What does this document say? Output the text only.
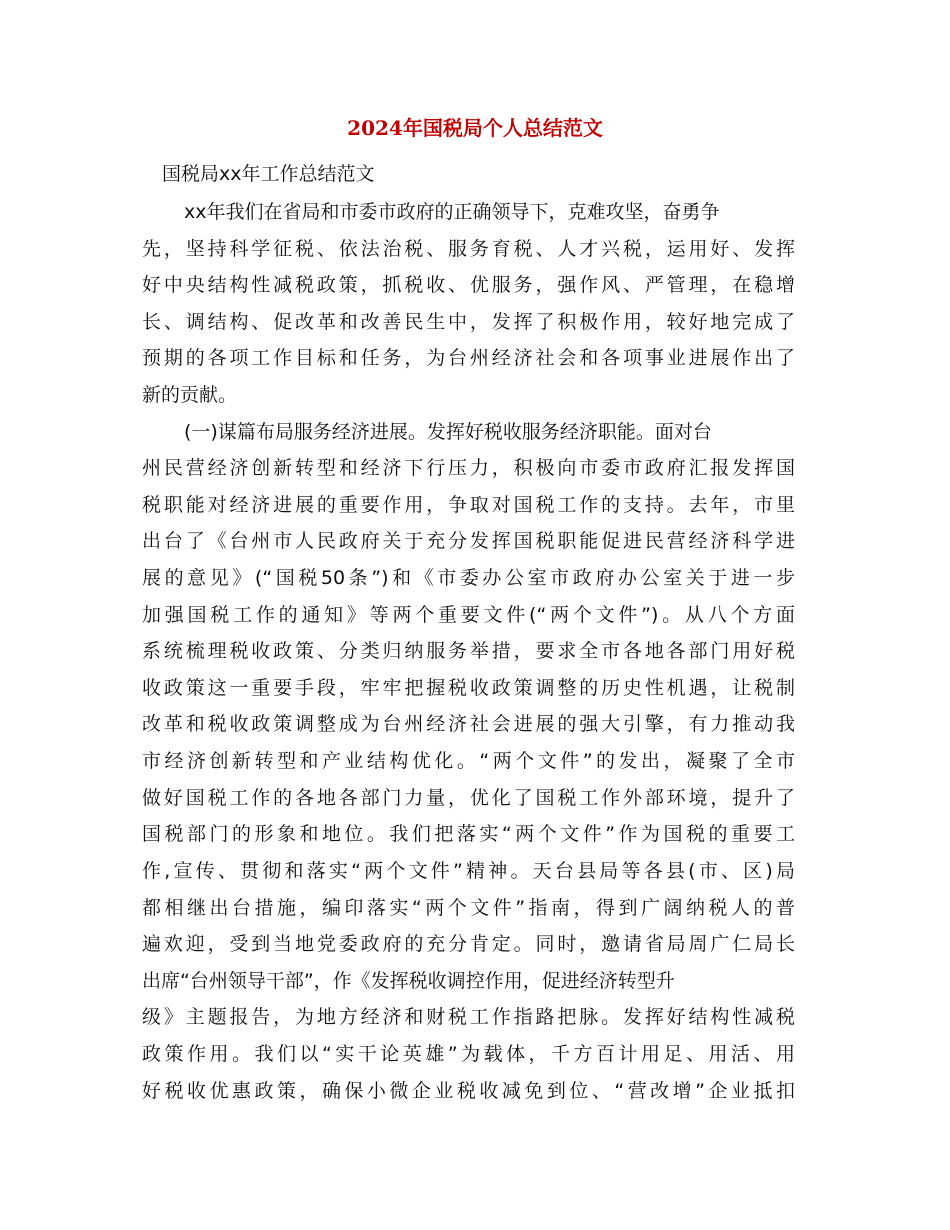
2024年国税局个人总结范文

国税局xx年工作总结范文

xx年我们在省局和市委市政府的正确领导下，克难攻坚，奋勇争

先，坚持科学征税、依法治税、服务育税、人才兴税，运用好、发挥

好中央结构性减税政策，抓税收、优服务，强作风、严管理，在稳增

长、调结构、促改革和改善民生中，发挥了积极作用，较好地完成了

预期的各项工作目标和任务，为台州经济社会和各项事业进展作出了

新的贡献。

(一)谋篇布局服务经济进展。发挥好税收服务经济职能。面对台

州民营经济创新转型和经济下行压力，积极向市委市政府汇报发挥国

税职能对经济进展的重要作用，争取对国税工作的支持。去年，市里

出台了《台州市人民政府关于充分发挥国税职能促进民营经济科学进

展的意见》(“国税50条”)和《市委办公室市政府办公室关于进一步

加强国税工作的通知》等两个重要文件(“两个文件”)。从八个方面

系统梳理税收政策、分类归纳服务举措，要求全市各地各部门用好税

收政策这一重要手段，牢牢把握税收政策调整的历史性机遇，让税制

改革和税收政策调整成为台州经济社会进展的强大引擎，有力推动我

市经济创新转型和产业结构优化。“两个文件”的发出，凝聚了全市

做好国税工作的各地各部门力量，优化了国税工作外部环境，提升了

国税部门的形象和地位。我们把落实“两个文件”作为国税的重要工

作,宣传、贯彻和落实“两个文件”精神。天台县局等各县(市、区)局

都相继出台措施，编印落实“两个文件”指南，得到广阔纳税人的普

遍欢迎，受到当地党委政府的充分肯定。同时，邀请省局周广仁局长

出席“台州领导干部”，作《发挥税收调控作用，促进经济转型升

级》主题报告，为地方经济和财税工作指路把脉。发挥好结构性减税

政策作用。我们以“实干论英雄”为载体，千方百计用足、用活、用

好税收优惠政策，确保小微企业税收减免到位、“营改增”企业抵扣
